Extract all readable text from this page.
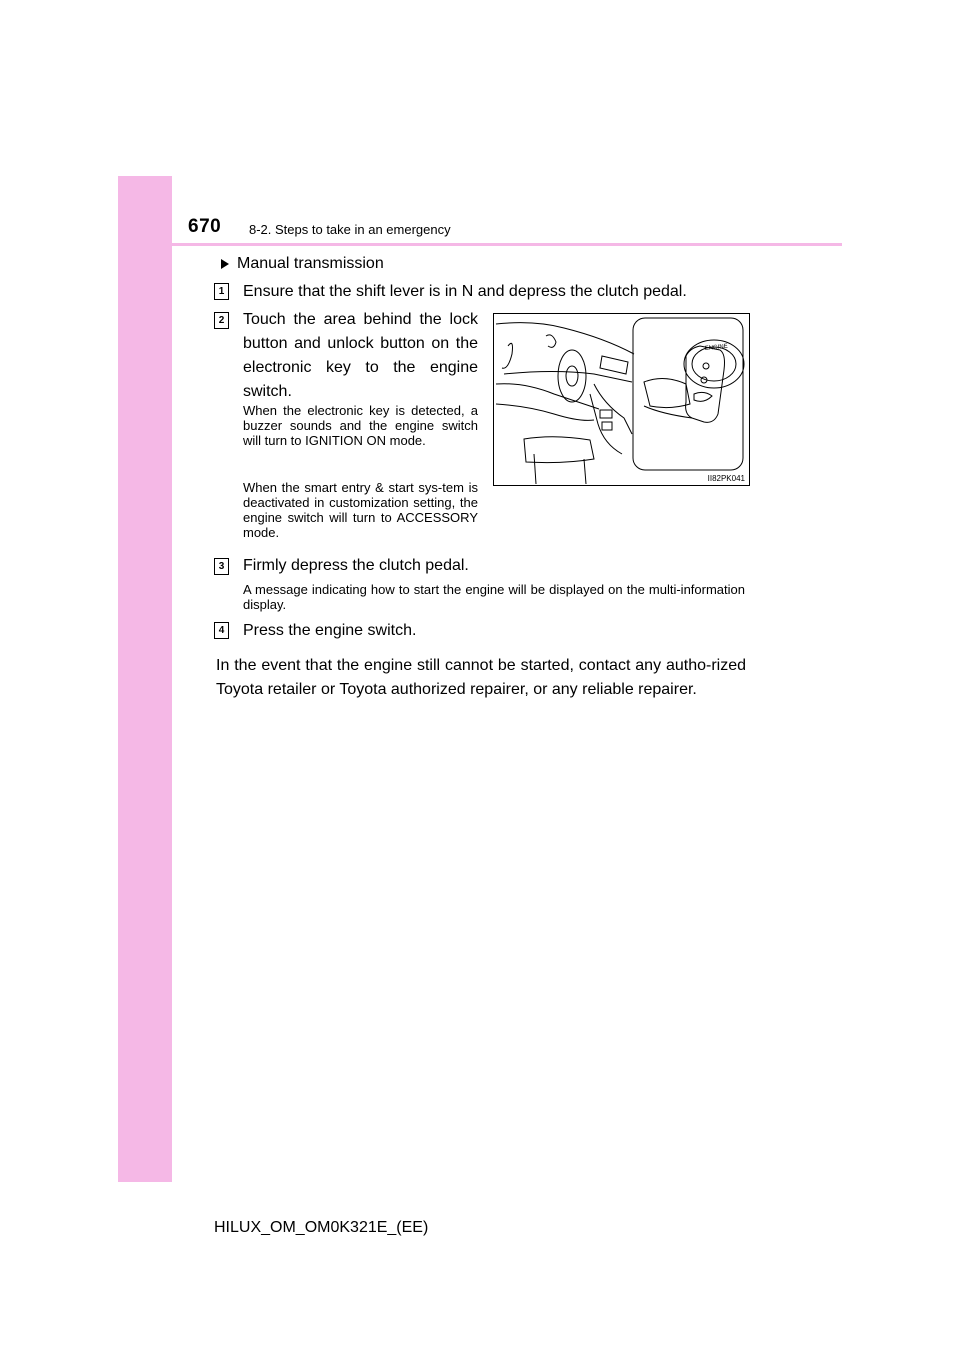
670 8-2. Steps to take in an emergency
Manual transmission
1 Ensure that the shift lever is in N and depress the clutch pedal.
2 Touch the area behind the lock button and unlock button on the electronic key to the engine switch.
When the electronic key is detected, a buzzer sounds and the engine switch will turn to IGNITION ON mode.
When the smart entry & start sys-tem is deactivated in customization setting, the engine switch will turn to ACCESSORY mode.
ENGINE
II82PK041
3 Firmly depress the clutch pedal.
A message indicating how to start the engine will be displayed on the multi-information display.
4 Press the engine switch.
In the event that the engine still cannot be started, contact any autho-rized Toyota retailer or Toyota authorized repairer, or any reliable repairer.
HILUX_OM_OM0K321E_(EE)
